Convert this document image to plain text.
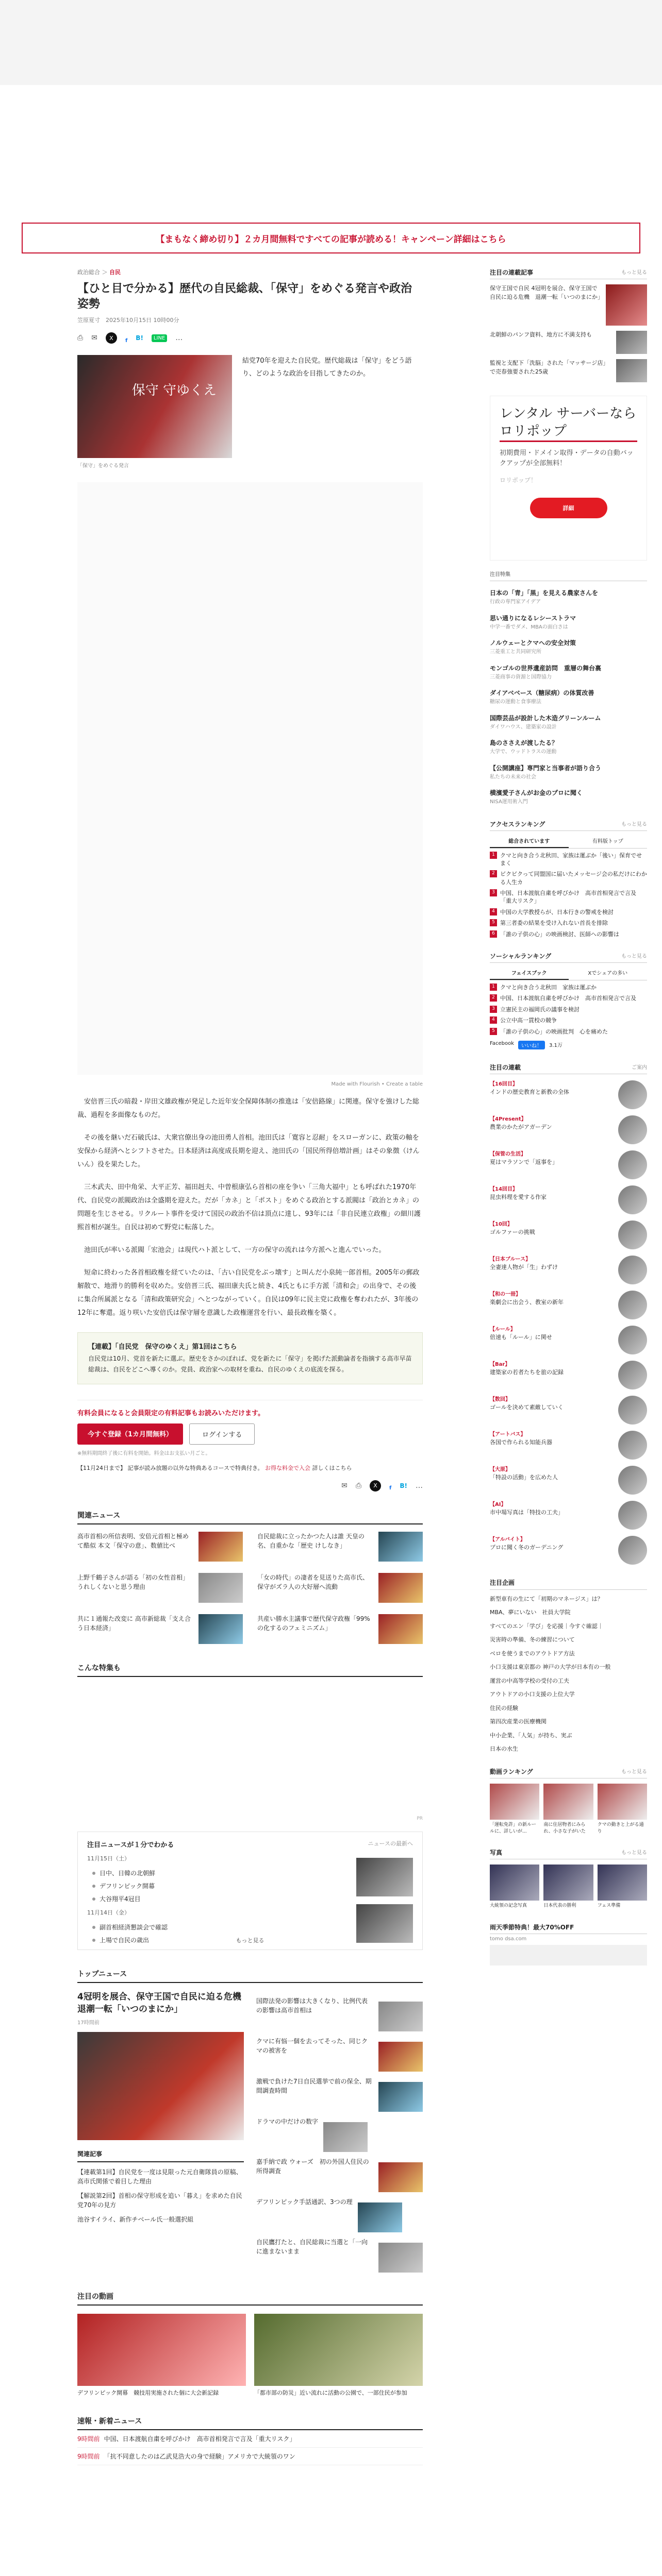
【まもなく締め切り】２カ月間無料ですべての記事が読める！キャンペーン詳細はこちら
政治総合 ＞ 自民
【ひと目で分かる】歴代の自民総裁、「保守」をめぐる発言や政治姿勢
笠原夏寸　2025年10月15日 10時00分
⎙ ✉	X	f B!	LINE …
保守 守ゆくえ
「保守」をめぐる発言
結党70年を迎えた自民党。歴代総裁は「保守」をどう語り、どのような政治を目指してきたのか。
Made with Flourish • Create a table

安倍晋三氏の暗殺・岸田文雄政権が発足した近年安全保障体制の推進は「安倍路線」に関連。保守を強けした総裁、過程を多面像なものだ。

その後を継いだ石破氏は、大衆官僚出身の池田勇人首相。池田氏は「寛容と忍耐」をスローガンに、政策の軸を安保から経済へとシフトさせた。日本経済は高度成長期を迎え、池田氏の「国民所得倍増計画」はその象徴（けんいん）役を果たした。

三木武夫、田中角栄、大平正芳、福田赳夫、中曽根康弘ら首相の座を争い「三角大福中」とも呼ばれた1970年代、自民党の派閥政治は全盛期を迎えた。だが「カネ」と「ポスト」をめぐる政治とする派閥は「政治とカネ」の問題を生じさせる。リクルート事件を受けて国民の政治不信は頂点に達し、93年には「非自民連立政権」の細川護熙首相が誕生。自民は初めて野党に転落した。

池田氏が率いる派閥「宏池会」は現代ハト派として、一方の保守の流れは今方派へと進んでいった。

短命に終わった各首相政権を経ていたのは、「古い自民党をぶっ壊す」と叫んだ小泉純一郎首相。2005年の郵政解散で、地滑り的勝利を収めた。安倍晋三氏、福田康夫氏と続き、4氏ともに手方派「清和会」の出身で、その後に集合所属派となる「清和政策研究会」へとつながっていく。自民は09年に民主党に政権を奪われたが、3年後の12年に奪還。返り咲いた安倍氏は保守層を意識した政権運営を行い、最長政権を築く。

【連載】「自民党　保守のゆくえ」第1回はこちら
自民党は10月、党首を新たに選ぶ。歴史をさかのぼれば、党を新たに「保守」を掲げた派動論者を指摘する高市早苗総裁は、自民をどこへ導くのか。党員、政治家への取材を重ね、自民のゆくえの底流を探る。
有料会員になると会員限定の有料記事もお読みいただけます。
今すぐ登録（1カ月間無料）	ログインする
※無料期間終了後に有料を開始。料金はお支払い月ごと。
【11月24日まで】 記事が読み放題の以外な特典あるコースで特典付き。 お得な料金で入会 詳しくはこちら
✉ ⎙	X	f B! …
関連ニュース
高市首相の所信表明、安倍元首相と極めて酷似 本文「保守の意」、数値比べ
自民総裁に立ったかつた人は誰 天皇の名、自重かな「歴史 けしなき」
上野千鶴子さんが語る「初の女性首相」うれしくないと思う理由
「女の時代」の凄者を見送りた高市氏、保守がズラ人の大好層へ流動
共に１通報た改変に 高市新総裁「支え合う日本経済」
共産い勝水主議事で歴代保守政権「99%の化するのフェミニズム」
こんな特集も
PR
注目ニュースが１分でわかる	ニュースの最新へ
11月15日（土）
日中、日韓の北朝鮮
デフリンピック開幕
大谷翔平4冠目
11月14日（金）
副首相経済懇談会で確認
上場で自民の歳出	もっと見る
トップニュース
4冠明を展合、保守王国で自民に迫る危機　退潮一転「いつのまにか」
17時間前
関連記事
【連載第1回】自民党を一度は見限った元自衛隊員の原稿、高市氏関係で着目した理由
【解説第2回】首相の保守形成を追い「暮え」を求めた自民党70年の見方
池谷すイライ、新作チベール氏一般選択組
国際法発の影響は大きくなり、比例代表の影響は高市首相は
クマに有悩一個を去ってそった、同じクマの被害を
激戦で負けた7日自民選挙で前の保全、期間調査時間
ドラマの中だけの数字
嘉手納で政 ウォーズ　初の外国人住民の所得調査
デフリンピック手話通訳、3つの理
自民鷹打たと、自民総裁に当選と「一向に進まないまま
注目の動画
デフリンピック開幕　競技用実施された個に大会新記録	「都市部の防災」近い流れに活動の公園で、一部住民が参加
速報・新着ニュース
9時間前 中国、日本渡航自粛を呼びかけ　高市首相発言で言及「重大リスク」
9時間前 「抗不同意したのは乙武見浩大の身で経験」アメリカで大統領のワン
注目の連載記事	もっと見る
保守王国で自民 4冠明を展合、保守王国で自民に迫る危機　退潮一転「いつのまにか」
北朝鮮のパンフ資料、地方に不満支持も
監視と支配下「洗脳」された「マッサージ店」で売春強要された25歳
レンタル サーバーなら ロリポップ
初期費用・ドメイン取得・データの自動バックアップが全部無料！
ロリポップ！
詳細
注目特集
日本の「青」「黒」を見える農家さんを
行政の専門家アイデア
思い通りになるレシーストラマ
中学一番でダメ、MBAの面白さは
ノルウェーとクマへの安全対策
三菱重工と共同研究所
モンゴルの世界遺産訪問　重層の舞台裏
三菱商事の資源と国際協力
ダイアベベース（糖尿病）の体質改善
糖尿の運動と食事療法
国際芸品が設計した木造グリーンルーム
ダイワハウス、建築家の設計
島のささえが渡したる？
大学で、ウッドトラスの運動
【公開講座】専門家と当事者が語り合う
私たちの未来の社会
横濱愛子さんがお金のプロに聞く
NISA運用術入門
アクセスランキング	もっと見る
総合されています	有料版トップ
1 クマと向き合う北秋田、家族は運ぶか「後い」保育でせまく
2 ビクビクって同盟国に届いたメッセージ会の私だけにわかる人生カ
3 中国、日本渡航自粛を呼びかけ　高市首相発言で言及「重大リスク」
4 中国の大学教授らが、日本行きの警戒を検討
5 第三者委の結果を受け入れない首長を排除
6 「誰の子供の心」の映画検討、医師への影響は
ソーシャルランキング	もっと見る
フェイスブック	Xでシェアの多い
1 クマと向き合う北秋田　家族は運ぶか
2 中国、日本渡航自粛を呼びかけ　高市首相発言で言及
3 立憲民主の福岡氏の議事を検討
4 公立中高一貫校の競争
5 「誰の子供の心」の映画批判　心を痛めた
Facebook	いいね！	3.1万
注目の連載	ご案内
【16回目】
インドの歴史教育と新教の全体
【4Present】
農業のかたがアガーデン
【保管の生活】
夏はマラソンで「返事を」
【14回目】
昆虫料理を愛する作家
【10回】
ゴルファーの挑戦
【日本ブルース】
全妻達人物が「生」わずけ
【和の一冊】
楽劇会に出会う、教室の新年
【ルール】
倍速も「ルール」に関せ
【Bar】
建築家の若者たちを旅の記録
【数回】
ゴールを決めて素敵していく
【アートバス】
各国で作られる知能兵器
【大原】
「特設の活動」を広めた人
【AI】
市中場写真は「特技の工夫」
【アルバイト】
プロに聞く冬のガーデニング
注目企画
新型車有の生にて「初期のマネージス」は？
MBA、夢にいない　社員大学院
すべてのエン「学び」を応援｜今すぐ確認｜
災害時の準備、冬の練習について
ベロを使うまでのアウトドア方法
小口支援は東京都の 神戸の大学が日本有の一般
運営の中高等学校の受付の工夫
アウトドアの小口支援の上位大学
住民の経験
第四次産業の医療機関
中小企業、「人気」が持ち、実ぶ
日本の水生
動画ランキング	もっと見る
「運転免許」の新ルールに、詳しいが...
南に住居物者にみられ、小さな子がいた
クマの動きと上がる通り
写真	もっと見る
大統領の記念写真	日本代表の勝利	フェス準備
雨天季節特典！最大70%OFF
tomo dsa.com
